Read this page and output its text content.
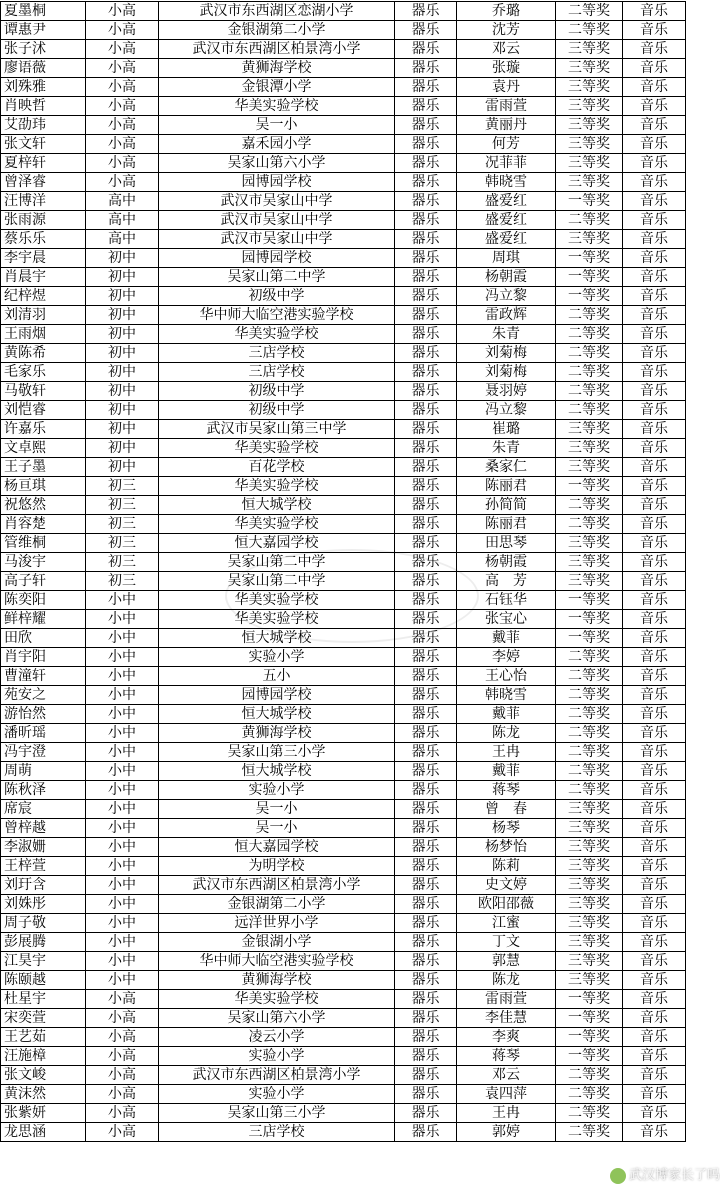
夏墨桐	小高	武汉市东西湖区恋湖小学	器乐	乔璐	二等奖	音乐
谭惠尹	小高	金银湖第二小学	器乐	沈芳	二等奖	音乐
张子沭	小高	武汉市东西湖区柏景湾小学	器乐	邓云	三等奖	音乐
廖语薇	小高	黄狮海学校	器乐	张璇	三等奖	音乐
刘殊雅	小高	金银潭小学	器乐	袁丹	三等奖	音乐
肖映哲	小高	华美实验学校	器乐	雷雨萱	三等奖	音乐
艾劭玮	小高	吴一小	器乐	黄丽丹	三等奖	音乐
张文轩	小高	嘉禾园小学	器乐	何芳	三等奖	音乐
夏梓轩	小高	吴家山第六小学	器乐	况菲菲	三等奖	音乐
曾泽睿	小高	园博园学校	器乐	韩晓雪	三等奖	音乐
汪博洋	高中	武汉市吴家山中学	器乐	盛爱红	一等奖	音乐
张雨源	高中	武汉市吴家山中学	器乐	盛爱红	二等奖	音乐
蔡乐乐	高中	武汉市吴家山中学	器乐	盛爱红	三等奖	音乐
李宇晨	初中	园博园学校	器乐	周琪	一等奖	音乐
肖晨宇	初中	吴家山第二中学	器乐	杨朝霞	一等奖	音乐
纪梓煜	初中	初级中学	器乐	冯立黎	一等奖	音乐
刘清羽	初中	华中师大临空港实验学校	器乐	雷政辉	二等奖	音乐
王雨烟	初中	华美实验学校	器乐	朱青	二等奖	音乐
黄陈希	初中	三店学校	器乐	刘菊梅	二等奖	音乐
毛家乐	初中	三店学校	器乐	刘菊梅	二等奖	音乐
马敬轩	初中	初级中学	器乐	聂羽婷	二等奖	音乐
刘恺睿	初中	初级中学	器乐	冯立黎	二等奖	音乐
许嘉乐	初中	武汉市吴家山第三中学	器乐	崔璐	三等奖	音乐
文卓熙	初中	华美实验学校	器乐	朱青	三等奖	音乐
王子墨	初中	百花学校	器乐	桑家仁	三等奖	音乐
杨亘琪	初三	华美实验学校	器乐	陈丽君	一等奖	音乐
祝悠然	初三	恒大城学校	器乐	孙简简	二等奖	音乐
肖容楚	初三	华美实验学校	器乐	陈丽君	二等奖	音乐
管维桐	初三	恒大嘉园学校	器乐	田思琴	三等奖	音乐
马浚宇	初三	吴家山第二中学	器乐	杨朝霞	三等奖	音乐
高子轩	初三	吴家山第二中学	器乐	高　芳	三等奖	音乐
陈奕阳	小中	华美实验学校	器乐	石钰华	一等奖	音乐
鲜梓耀	小中	华美实验学校	器乐	张宝心	一等奖	音乐
田欣	小中	恒大城学校	器乐	戴菲	一等奖	音乐
肖宇阳	小中	实验小学	器乐	李婷	二等奖	音乐
曹潼轩	小中	五小	器乐	王心怡	二等奖	音乐
苑安之	小中	园博园学校	器乐	韩晓雪	二等奖	音乐
游怡然	小中	恒大城学校	器乐	戴菲	二等奖	音乐
潘昕瑶	小中	黄狮海学校	器乐	陈龙	二等奖	音乐
冯宇澄	小中	吴家山第三小学	器乐	王冉	二等奖	音乐
周萌	小中	恒大城学校	器乐	戴菲	二等奖	音乐
陈秋泽	小中	实验小学	器乐	蒋琴	二等奖	音乐
席宸	小中	吴一小	器乐	曾　春	三等奖	音乐
曾梓越	小中	吴一小	器乐	杨琴	三等奖	音乐
李淑姗	小中	恒大嘉园学校	器乐	杨梦怡	三等奖	音乐
王梓萱	小中	为明学校	器乐	陈莉	三等奖	音乐
刘玗含	小中	武汉市东西湖区柏景湾小学	器乐	史文婷	三等奖	音乐
刘姝彤	小中	金银湖第二小学	器乐	欧阳邵薇	三等奖	音乐
周子敬	小中	远洋世界小学	器乐	江蜜	三等奖	音乐
彭展腾	小中	金银湖小学	器乐	丁文	三等奖	音乐
江昊宇	小中	华中师大临空港实验学校	器乐	郭慧	三等奖	音乐
陈颐越	小中	黄狮海学校	器乐	陈龙	三等奖	音乐
杜星宇	小高	华美实验学校	器乐	雷雨萱	一等奖	音乐
宋奕萱	小高	吴家山第六小学	器乐	李佳慧	一等奖	音乐
王艺茹	小高	凌云小学	器乐	李爽	一等奖	音乐
汪施樟	小高	实验小学	器乐	蒋琴	一等奖	音乐
张文峻	小高	武汉市东西湖区柏景湾小学	器乐	邓云	二等奖	音乐
黄沫然	小高	实验小学	器乐	袁四萍	二等奖	音乐
张紫妍	小高	吴家山第三小学	器乐	王冉	二等奖	音乐
龙思涵	小高	三店学校	器乐	郭婷	二等奖	音乐
武汉博家长了吗
